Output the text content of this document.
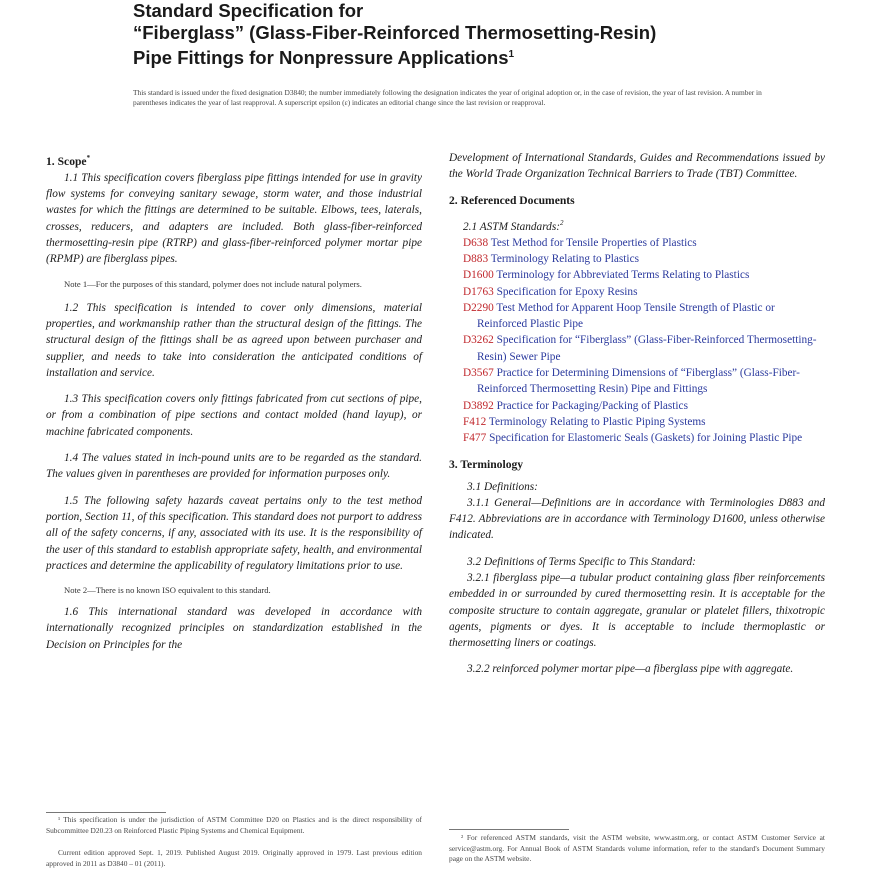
Standard Specification for
“Fiberglass” (Glass-Fiber-Reinforced Thermosetting-Resin)
Pipe Fittings for Nonpressure Applications$^1$

This standard is issued under the fixed designation D3840; the number immediately following the designation indicates the year of original adoption or, in the case of revision, the year of last revision. A number in parentheses indicates the year of last reapproval. A superscript epsilon (ε) indicates an editorial change since the last revision or reapproval.

1. Scope*

1.1 This specification covers fiberglass pipe fittings intended for use in gravity flow systems for conveying sanitary sewage, storm water, and those industrial wastes for which the fittings are determined to be suitable. Elbows, tees, laterals, crosses, reducers, and adapters are included. Both glass-fiber-reinforced thermosetting-resin pipe (RTRP) and glass-fiber-reinforced polymer mortar pipe (RPMP) are fiberglass pipes.

Note 1—For the purposes of this standard, polymer does not include natural polymers.

1.2 This specification is intended to cover only dimensions, material properties, and workmanship rather than the structural design of the fittings. The structural design of the fittings shall be as agreed upon between purchaser and supplier, and needs to take into consideration the anticipated conditions of installation and service.

1.3 This specification covers only fittings fabricated from cut sections of pipe, or from a combination of pipe sections and contact molded (hand layup), or machine fabricated components.

1.4 The values stated in inch-pound units are to be regarded as the standard. The values given in parentheses are provided for information purposes only.

1.5 The following safety hazards caveat pertains only to the test method portion, Section 11, of this specification. This standard does not purport to address all of the safety concerns, if any, associated with its use. It is the responsibility of the user of this standard to establish appropriate safety, health, and environmental practices and determine the applicability of regulatory limitations prior to use.

Note 2—There is no known ISO equivalent to this standard.

1.6 This international standard was developed in accordance with internationally recognized principles on standardization established in the Decision on Principles for the

¹ This specification is under the jurisdiction of ASTM Committee D20 on Plastics and is the direct responsibility of Subcommittee D20.23 on Reinforced Plastic Piping Systems and Chemical Equipment.

Current edition approved Sept. 1, 2019. Published August 2019. Originally approved in 1979. Last previous edition approved in 2011 as D3840 – 01 (2011).

Development of International Standards, Guides and Recommendations issued by the World Trade Organization Technical Barriers to Trade (TBT) Committee.

2. Referenced Documents

2.1 ASTM Standards:$^2$

D638 Test Method for Tensile Properties of Plastics

D883 Terminology Relating to Plastics

D1600 Terminology for Abbreviated Terms Relating to Plastics

D1763 Specification for Epoxy Resins

D2290 Test Method for Apparent Hoop Tensile Strength of Plastic or Reinforced Plastic Pipe

D3262 Specification for “Fiberglass” (Glass-Fiber-Reinforced Thermosetting-Resin) Sewer Pipe

D3567 Practice for Determining Dimensions of “Fiberglass” (Glass-Fiber-Reinforced Thermosetting Resin) Pipe and Fittings

D3892 Practice for Packaging/Packing of Plastics

F412 Terminology Relating to Plastic Piping Systems

F477 Specification for Elastomeric Seals (Gaskets) for Joining Plastic Pipe

3. Terminology

3.1 Definitions:

3.1.1 General—Definitions are in accordance with Terminologies D883 and F412. Abbreviations are in accordance with Terminology D1600, unless otherwise indicated.

3.2 Definitions of Terms Specific to This Standard:

3.2.1 fiberglass pipe—a tubular product containing glass fiber reinforcements embedded in or surrounded by cured thermosetting resin. It is acceptable for the composite structure to contain aggregate, granular or platelet fillers, thixotropic agents, pigments or dyes. It is acceptable to include thermoplastic or thermosetting liners or coatings.

3.2.2 reinforced polymer mortar pipe—a fiberglass pipe with aggregate.

² For referenced ASTM standards, visit the ASTM website, www.astm.org, or contact ASTM Customer Service at service@astm.org. For Annual Book of ASTM Standards volume information, refer to the standard's Document Summary page on the ASTM website.
